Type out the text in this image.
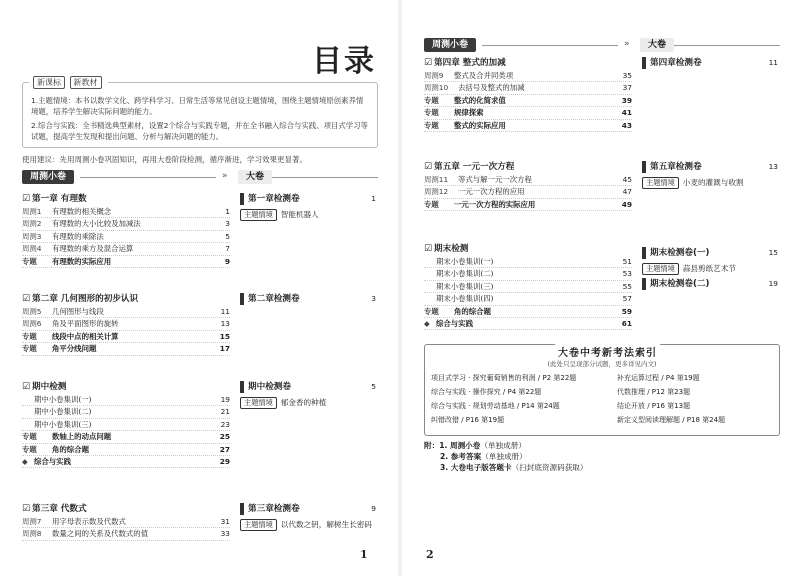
目录
新课标 新教材

1.主题情境：本书以数学文化、跨学科学习、日常生活等常见创设主题情境，围绕主题情境原创素养情境题，培养学生解决实际问题的能力。

2.综合与实践：全书精选典型素材，设置2个综合与实践专题，并在全书融入综合与实践、项目式学习等试题，提高学生发现和提出问题、分析与解决问题的能力。

使用建议：先用周测小卷巩固知识，再用大卷阶段检测，循序渐进，学习效果更显著。
周测小卷	»	大卷
☑ 第一章 有理数
周测1 有理数的相关概念	1
周测2 有理数的大小比较及加减法	3
周测3 有理数的乘除法	5
周测4 有理数的乘方及混合运算	7
专题 有理数的实际应用	9
第一章检测卷	1
主题情境 智能机器人
☑ 第二章 几何图形的初步认识
周测5 几何图形与线段	11
周测6 角及平面图形的旋转	13
专题 线段中点的相关计算	15
专题 角平分线问题	17
第二章检测卷	3
☑ 期中检测
期中小卷集训(一)	19
期中小卷集训(二)	21
期中小卷集训(三)	23
专题 数轴上的动点问题	25
专题 角的综合题	27
◆ 综合与实践	29
期中检测卷	5
主题情境 郁金香的种植
☑ 第三章 代数式
周测7 用字母表示数及代数式	31
周测8 数量之间的关系及代数式的值	33
第三章检测卷	9
主题情境 以代数之钥，解树生长密码
1
周测小卷	»	大卷
☑ 第四章 整式的加减
周测9 整式及合并同类项	35
周测10 去括号及整式的加减	37
专题 整式的化简求值	39
专题 规律探索	41
专题 整式的实际应用	43
第四章检测卷	11
☑ 第五章 一元一次方程
周测11 等式与解一元一次方程	45
周测12 一元一次方程的应用	47
专题 一元一次方程的实际应用	49
第五章检测卷	13
主题情境 小麦的灌溉与收割
☑ 期末检测
期末小卷集训(一)	51
期末小卷集训(二)	53
期末小卷集训(三)	55
期末小卷集训(四)	57
专题 角的综合题	59
◆ 综合与实践	61
期末检测卷(一)	15
主题情境 蒜县剪纸艺术节
期末检测卷(二)	19
大卷中考新考法索引
(此处只呈现部分试题，更多详见内文)
项目式学习 · 探究葡萄销售的利润 / P2 第22题
综合与实践 · 操作探究 / P4 第22题
综合与实践 · 规划劳动基地 / P14 第24题
纠错改错 / P16 第19题
补充运算过程 / P4 第19题
代数推理 / P12 第23题
结论开放 / P16 第13题
新定义型阅读理解题 / P18 第24题
附：1. 周测小卷（单独成册）
2. 参考答案（单独成册）
3. 大卷电子版答题卡（扫封底资源码获取）
2
